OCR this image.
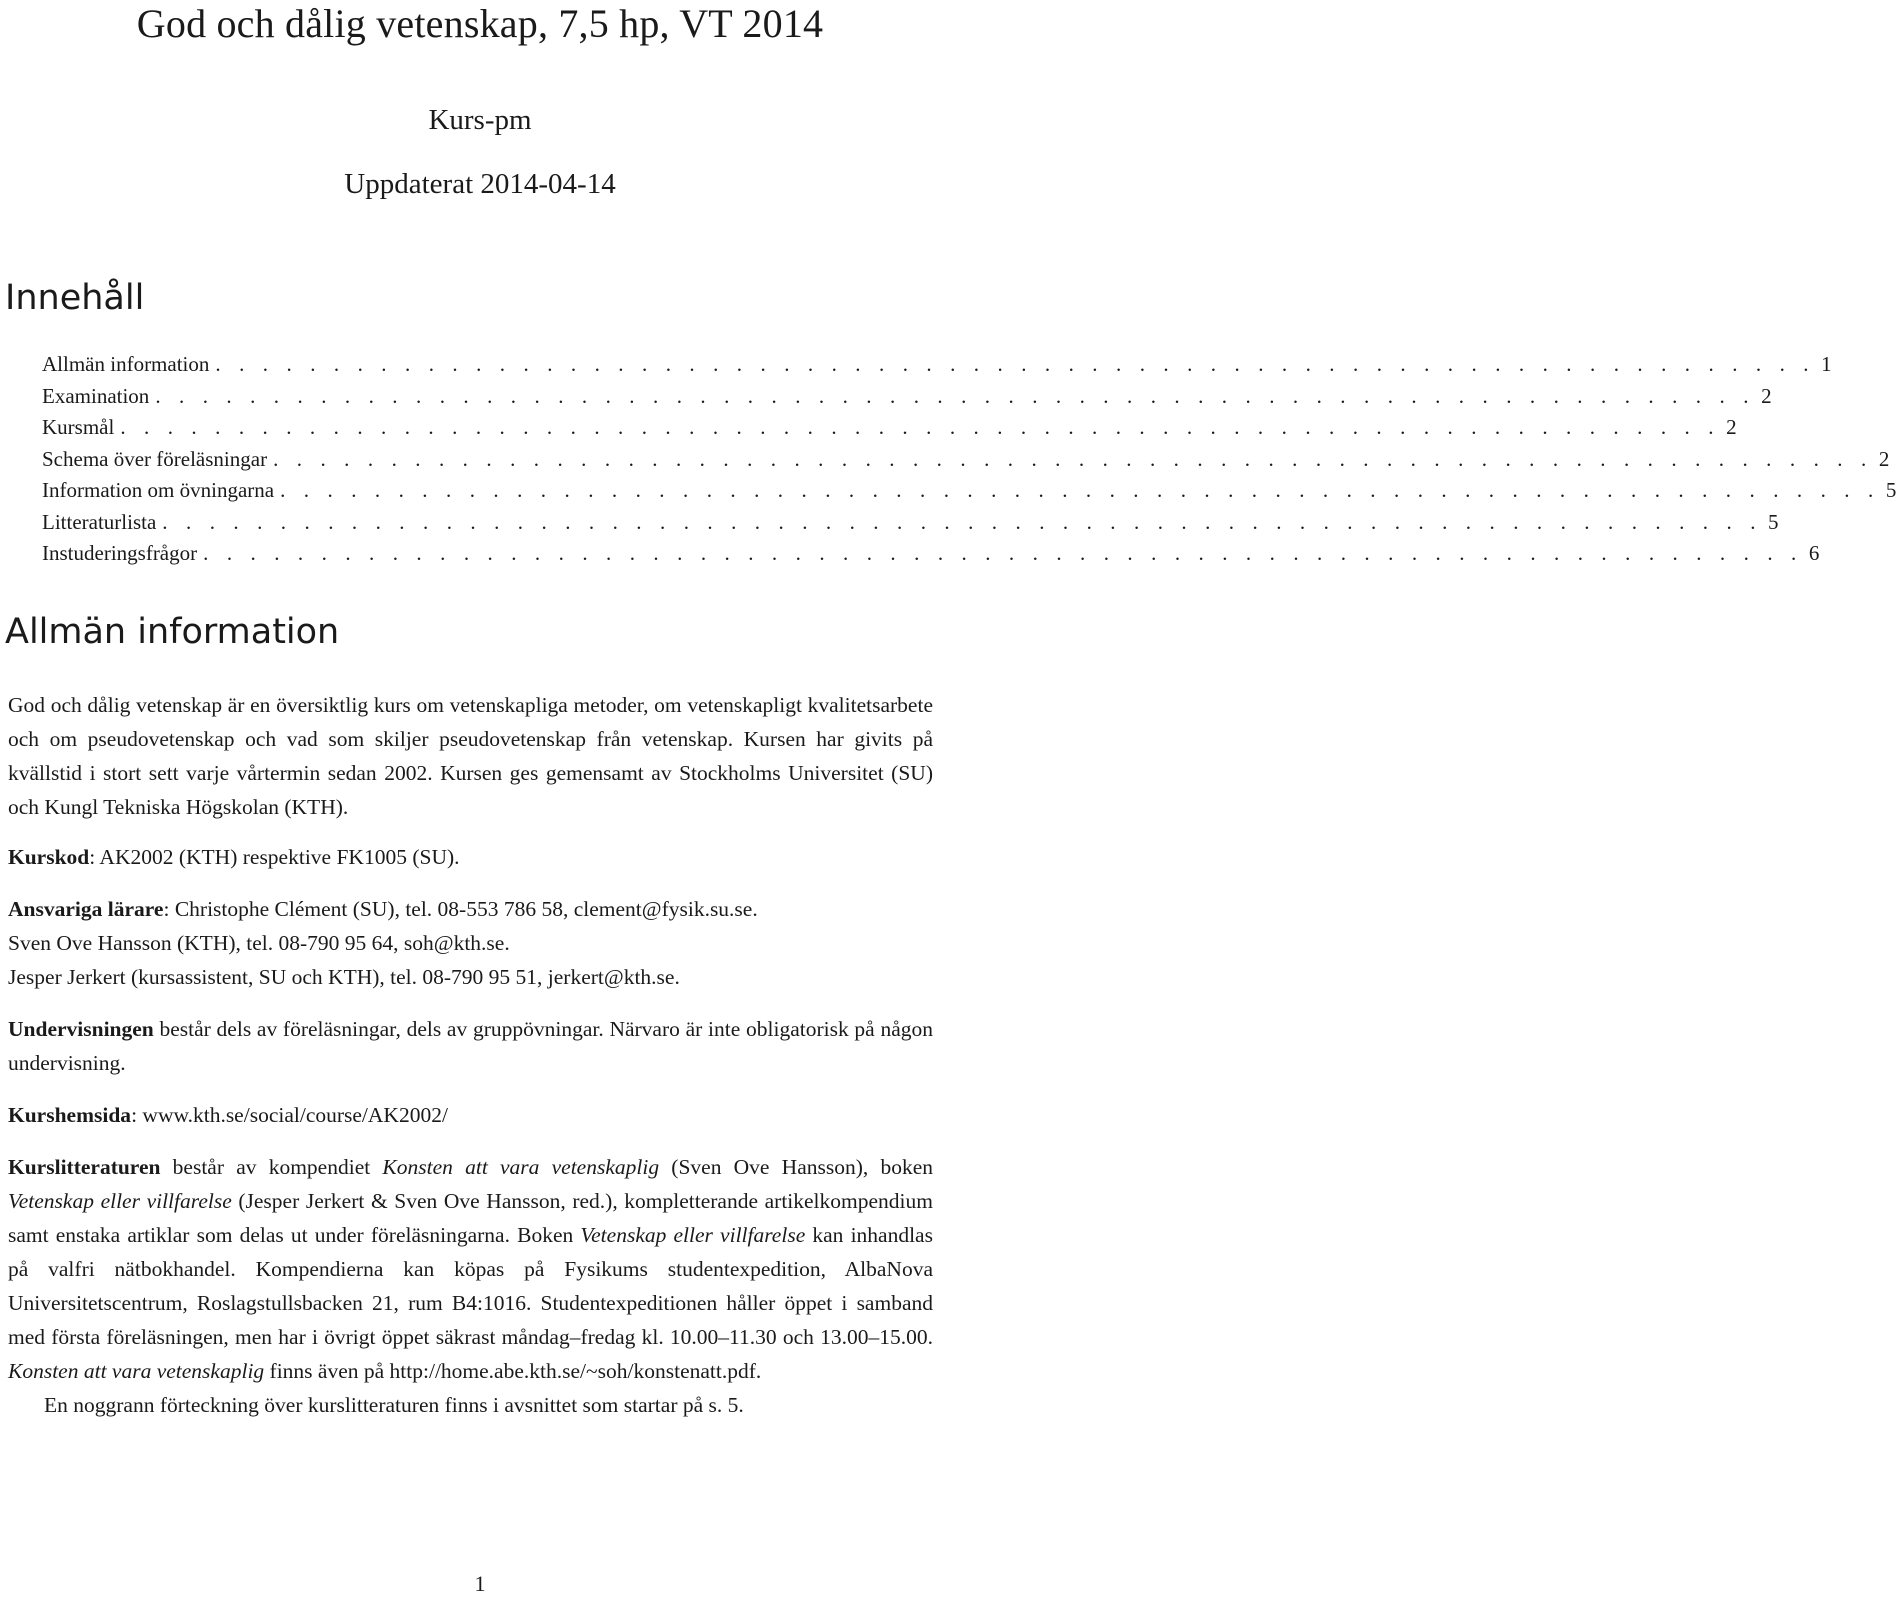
God och dålig vetenskap, 7,5 hp, VT 2014

Kurs-pm

Uppdaterat 2014-04-14

Innehåll
Allmän information . . . . . . . . . . . . . . . . . . . . . . . . . . . . . . . . . . . . . . . . . . . . . . . . . . . . . . . . . . . . . . . . . . . . 1
Examination . . . . . . . . . . . . . . . . . . . . . . . . . . . . . . . . . . . . . . . . . . . . . . . . . . . . . . . . . . . . . . . . . . . . 2
Kursmål . . . . . . . . . . . . . . . . . . . . . . . . . . . . . . . . . . . . . . . . . . . . . . . . . . . . . . . . . . . . . . . . . . . . 2
Schema över föreläsningar . . . . . . . . . . . . . . . . . . . . . . . . . . . . . . . . . . . . . . . . . . . . . . . . . . . . . . . . . . . . . . . . . . . . 2
Information om övningarna . . . . . . . . . . . . . . . . . . . . . . . . . . . . . . . . . . . . . . . . . . . . . . . . . . . . . . . . . . . . . . . . . . . . 5
Litteraturlista . . . . . . . . . . . . . . . . . . . . . . . . . . . . . . . . . . . . . . . . . . . . . . . . . . . . . . . . . . . . . . . . . . . . 5
Instuderingsfrågor . . . . . . . . . . . . . . . . . . . . . . . . . . . . . . . . . . . . . . . . . . . . . . . . . . . . . . . . . . . . . . . . . . . . 6
Allmän information

God och dålig vetenskap är en översiktlig kurs om vetenskapliga metoder, om vetenskapligt kvalitetsarbete och om pseudovetenskap och vad som skiljer pseudovetenskap från vetenskap. Kursen har givits på kvällstid i stort sett varje vårtermin sedan 2002. Kursen ges gemensamt av Stockholms Universitet (SU) och Kungl Tekniska Högskolan (KTH).

Kurskod: AK2002 (KTH) respektive FK1005 (SU).

Ansvariga lärare: Christophe Clément (SU), tel. 08-553 786 58, clement@fysik.su.se.

Sven Ove Hansson (KTH), tel. 08-790 95 64, soh@kth.se.

Jesper Jerkert (kursassistent, SU och KTH), tel. 08-790 95 51, jerkert@kth.se.

Undervisningen består dels av föreläsningar, dels av gruppövningar. Närvaro är inte obligatorisk på någon undervisning.

Kurshemsida: www.kth.se/social/course/AK2002/

Kurslitteraturen består av kompendiet Konsten att vara vetenskaplig (Sven Ove Hansson), boken Vetenskap eller villfarelse (Jesper Jerkert & Sven Ove Hansson, red.), kompletterande artikelkompendium samt enstaka artiklar som delas ut under föreläsningarna. Boken Vetenskap eller villfarelse kan inhandlas på valfri nätbokhandel. Kompendierna kan köpas på Fysikums studentexpedition, AlbaNova Universitetscentrum, Roslagstullsbacken 21, rum B4:1016. Studentexpeditionen håller öppet i samband med första föreläsningen, men har i övrigt öppet säkrast måndag–fredag kl. 10.00–11.30 och 13.00–15.00. Konsten att vara vetenskaplig finns även på http://home.abe.kth.se/~soh/konstenatt.pdf.

En noggrann förteckning över kurslitteraturen finns i avsnittet som startar på s. 5.

1
